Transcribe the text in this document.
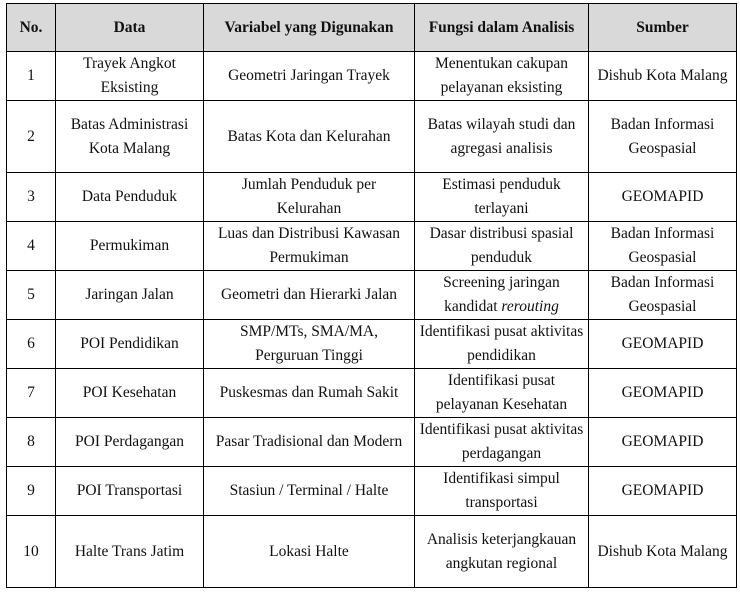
No.	Data	Variabel yang Digunakan	Fungsi dalam Analisis	Sumber
1	Trayek Angkot Eksisting	Geometri Jaringan Trayek	Menentukan cakupan pelayanan eksisting	Dishub Kota Malang
2	Batas Administrasi Kota Malang	Batas Kota dan Kelurahan	Batas wilayah studi dan agregasi analisis	Badan Informasi Geospasial
3	Data Penduduk	Jumlah Penduduk per Kelurahan	Estimasi penduduk terlayani	GEOMAPID
4	Permukiman	Luas dan Distribusi Kawasan Permukiman	Dasar distribusi spasial penduduk	Badan Informasi Geospasial
5	Jaringan Jalan	Geometri dan Hierarki Jalan	Screening jaringan kandidat rerouting	Badan Informasi Geospasial
6	POI Pendidikan	SMP/MTs, SMA/MA, Perguruan Tinggi	Identifikasi pusat aktivitas pendidikan	GEOMAPID
7	POI Kesehatan	Puskesmas dan Rumah Sakit	Identifikasi pusat pelayanan Kesehatan	GEOMAPID
8	POI Perdagangan	Pasar Tradisional dan Modern	Identifikasi pusat aktivitas perdagangan	GEOMAPID
9	POI Transportasi	Stasiun / Terminal / Halte	Identifikasi simpul transportasi	GEOMAPID
10	Halte Trans Jatim	Lokasi Halte	Analisis keterjangkauan angkutan regional	Dishub Kota Malang
